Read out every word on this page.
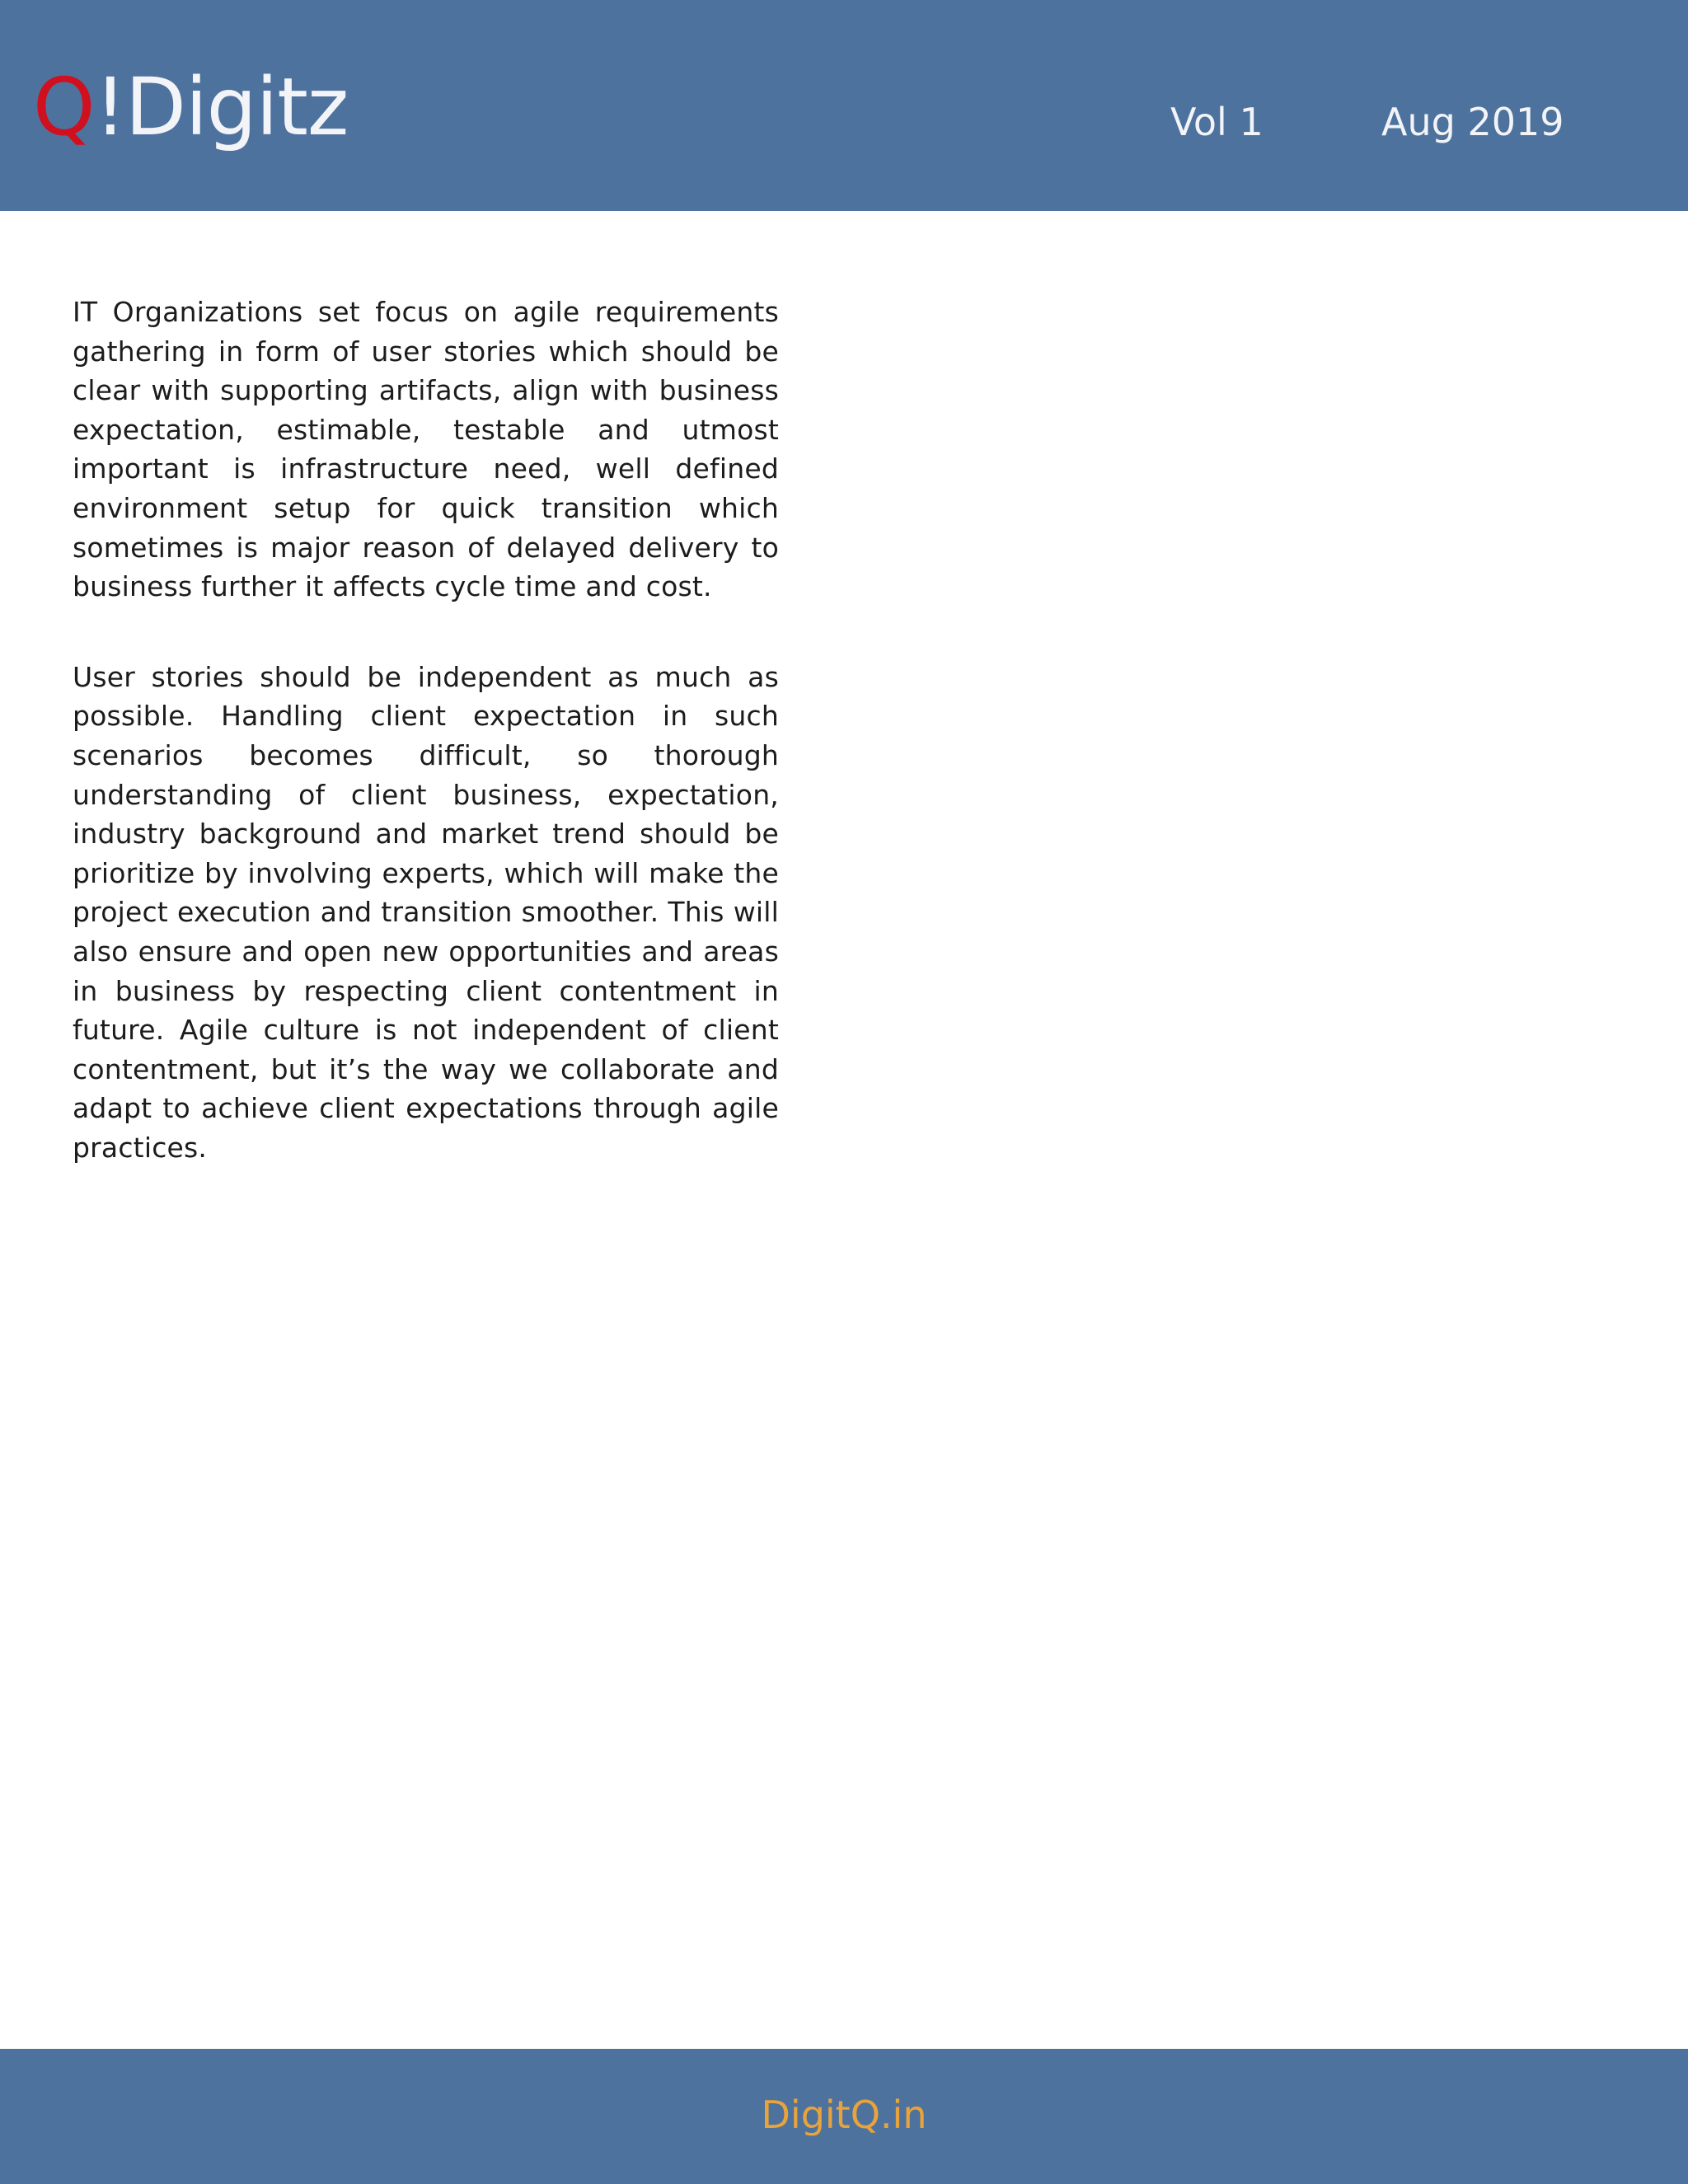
Q!Digitz	Vol 1	Aug 2019

IT Organizations set focus on agile requirements gathering in form of user stories which should be clear with supporting artifacts, align with business expectation, estimable, testable and utmost important is infrastructure need, well defined environment setup for quick transition which sometimes is major reason of delayed delivery to business further it affects cycle time and cost.

User stories should be independent as much as possible. Handling client expectation in such scenarios becomes difficult, so thorough understanding of client business, expectation, industry background and market trend should be prioritize by involving experts, which will make the project execution and transition smoother. This will also ensure and open new opportunities and areas in business by respecting client contentment in future. Agile culture is not independent of client contentment, but it’s the way we collaborate and adapt to achieve client expectations through agile practices.

DigitQ.in
